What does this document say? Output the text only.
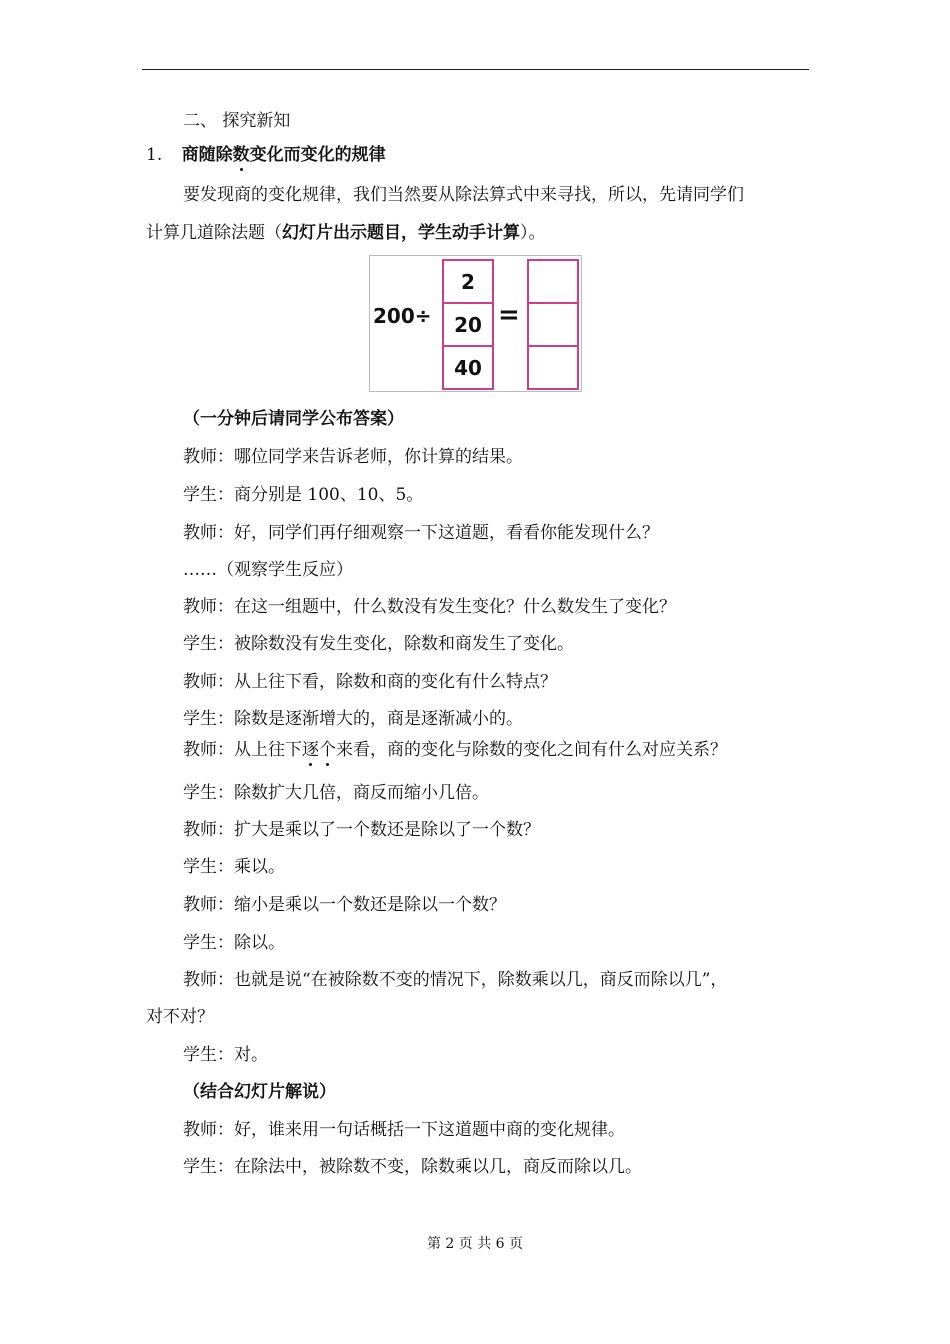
二、 探究新知
1. 商随除数变化而变化的规律
要发现商的变化规律，我们当然要从除法算式中来寻找，所以，先请同学们
计算几道除法题（幻灯片出示题目，学生动手计算）。
200÷
2
20
40
=
（一分钟后请同学公布答案）
教师：哪位同学来告诉老师，你计算的结果。
学生：商分别是 100、10、5。
教师：好，同学们再仔细观察一下这道题，看看你能发现什么？
……（观察学生反应）
教师：在这一组题中，什么数没有发生变化？什么数发生了变化？
学生：被除数没有发生变化，除数和商发生了变化。
教师：从上往下看，除数和商的变化有什么特点？
学生：除数是逐渐增大的，商是逐渐减小的。
教师：从上往下逐个来看，商的变化与除数的变化之间有什么对应关系？
学生：除数扩大几倍，商反而缩小几倍。
教师：扩大是乘以了一个数还是除以了一个数？
学生：乘以。
教师：缩小是乘以一个数还是除以一个数？
学生：除以。
教师：也就是说“在被除数不变的情况下，除数乘以几，商反而除以几”，
对不对？
学生：对。
（结合幻灯片解说）
教师：好，谁来用一句话概括一下这道题中商的变化规律。
学生：在除法中，被除数不变，除数乘以几，商反而除以几。
第 2 页 共 6 页
